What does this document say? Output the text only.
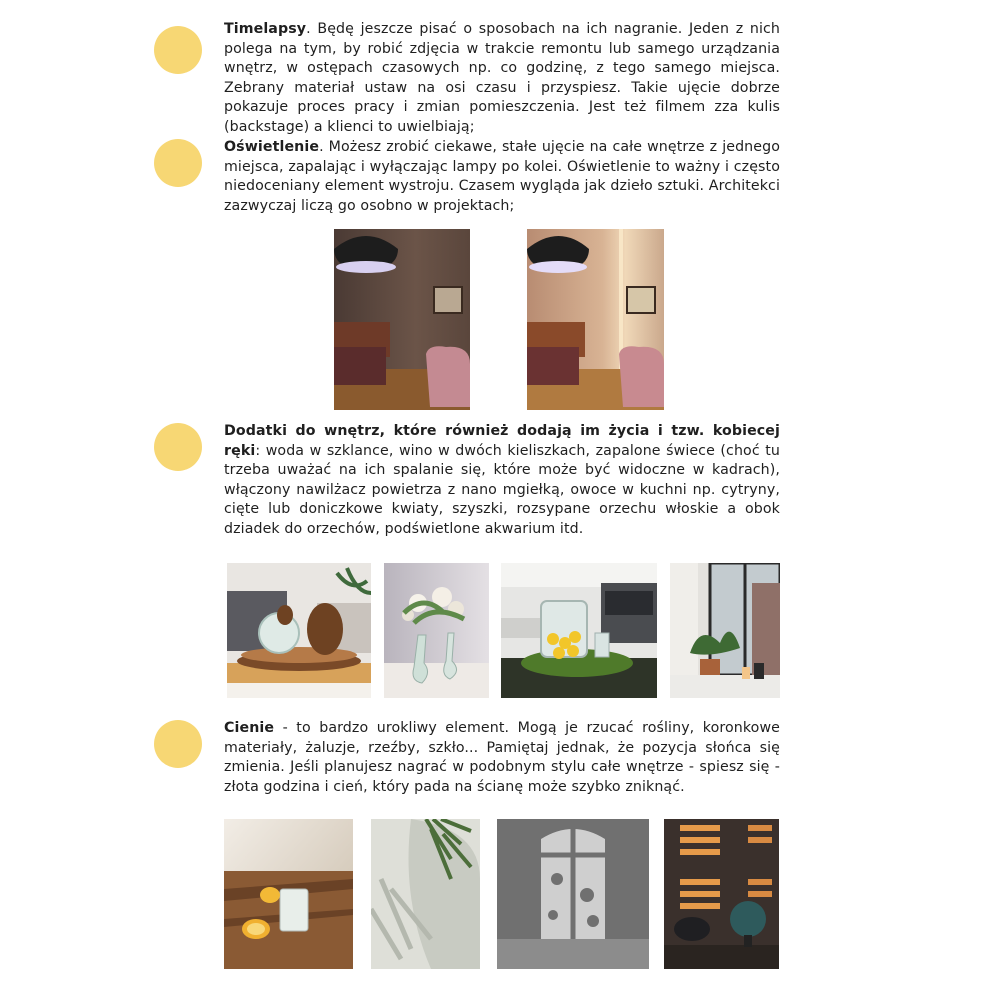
Timelapsy. Będę jeszcze pisać o sposobach na ich nagranie. Jeden z nich polega na tym, by robić zdjęcia w trakcie remontu lub samego urządzania wnętrz, w ostępach czasowych np. co godzinę, z tego samego miejsca. Zebrany materiał ustaw na osi czasu i przyspiesz. Takie ujęcie dobrze pokazuje proces pracy i zmian pomieszczenia. Jest też filmem zza kulis (backstage) a klienci to uwielbiają;

Oświetlenie. Możesz zrobić ciekawe, stałe ujęcie na całe wnętrze z jednego miejsca, zapalając i wyłączając lampy po kolei. Oświetlenie to ważny i często niedoceniany element wystroju. Czasem wygląda jak dzieło sztuki. Architekci zazwyczaj liczą go osobno w projektach;

Dodatki do wnętrz, które również dodają im życia i tzw. kobiecej ręki: woda w szklance, wino w dwóch kieliszkach, zapalone świece (choć tu trzeba uważać na ich spalanie się, które może być widoczne w kadrach), włączony nawilżacz powietrza z nano mgiełką, owoce w kuchni np. cytryny, cięte lub doniczkowe kwiaty, szyszki, rozsypane orzechu włoskie a obok dziadek do orzechów, podświetlone akwarium itd.

Cienie - to bardzo urokliwy element. Mogą je rzucać rośliny, koronkowe materiały, żaluzje, rzeźby, szkło... Pamiętaj jednak, że pozycja słońca się zmienia. Jeśli planujesz nagrać w podobnym stylu całe wnętrze - spiesz się - złota godzina i cień, który pada na ścianę może szybko zniknąć.
